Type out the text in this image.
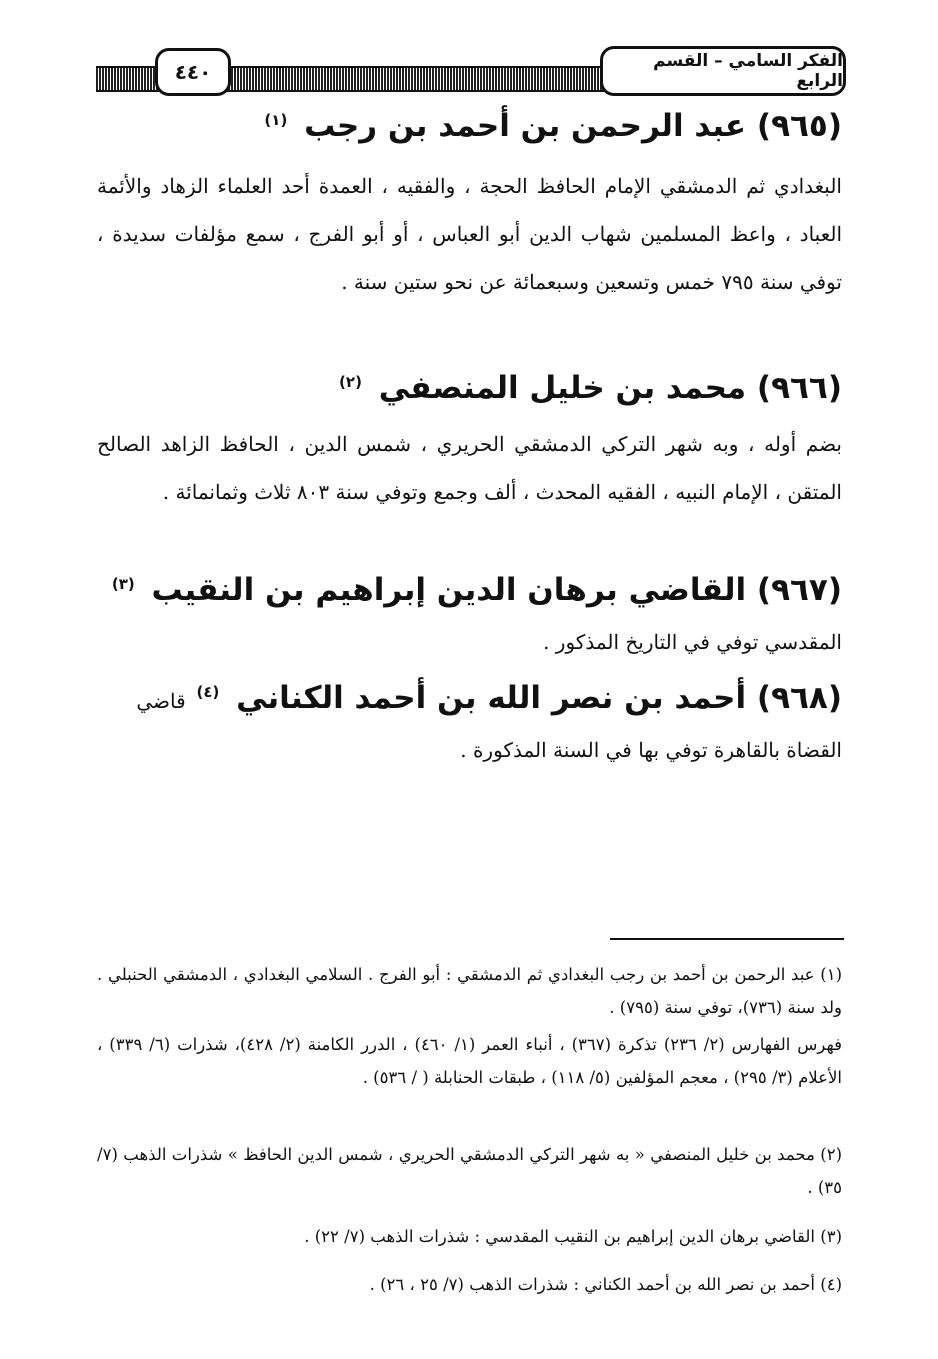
الفكر السامي – القسم الرابع
٤٤٠
(٩٦٥) عبد الرحمن بن أحمد بن رجب $^{(١)}$
البغدادي ثم الدمشقي الإمام الحافظ الحجة ، والفقيه ، العمدة أحد العلماء الزهاد والأئمة العباد ، واعظ المسلمين شهاب الدين أبو العباس ، أو أبو الفرج ، سمع مؤلفات سديدة ، توفي سنة ٧٩٥ خمس وتسعين وسبعمائة عن نحو ستين سنة .
(٩٦٦) محمد بن خليل المنصفي $^{(٢)}$
بضم أوله ، وبه شهر التركي الدمشقي الحريري ، شمس الدين ، الحافظ الزاهد الصالح المتقن ، الإمام النبيه ، الفقيه المحدث ، ألف وجمع وتوفي سنة ٨٠٣ ثلاث وثمانمائة .
(٩٦٧) القاضي برهان الدين إبراهيم بن النقيب $^{(٣)}$
المقدسي توفي في التاريخ المذكور .
(٩٦٨) أحمد بن نصر الله بن أحمد الكناني $^{(٤)}$ قاضي
القضاة بالقاهرة توفي بها في السنة المذكورة .
(١) عبد الرحمن بن أحمد بن رجب البغدادي ثم الدمشقي : أبو الفرج . السلامي البغدادي ، الدمشقي الحنبلي . ولد سنة (٧٣٦)، توفي سنة (٧٩٥) .
فهرس الفهارس (٢/ ٢٣٦) تذكرة (٣٦٧) ، أنباء العمر (١/ ٤٦٠) ، الدرر الكامنة (٢/ ٤٢٨)، شذرات (٦/ ٣٣٩) ، الأعلام (٣/ ٢٩٥) ، معجم المؤلفين (٥/ ١١٨) ، طبقات الحنابلة ( / ٥٣٦) .
(٢) محمد بن خليل المنصفي « به شهر التركي الدمشقي الحريري ، شمس الدين الحافظ » شذرات الذهب (٧/ ٣٥) .
(٣) القاضي برهان الدين إبراهيم بن النقيب المقدسي : شذرات الذهب (٧/ ٢٢) .
(٤) أحمد بن نصر الله بن أحمد الكناني : شذرات الذهب (٧/ ٢٥ ، ٢٦) .
